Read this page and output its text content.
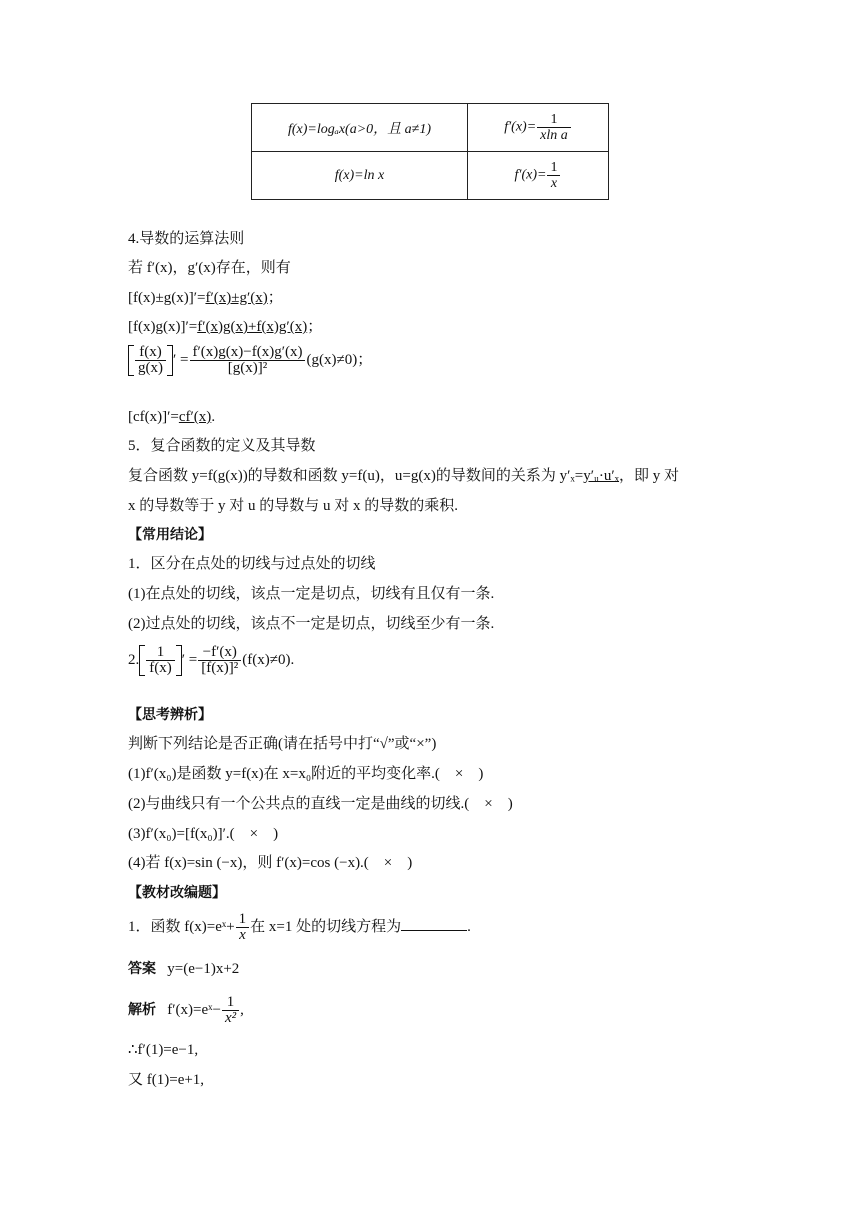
f(x)=logₐx(a>0，且 a≠1)	$f'(x)= \frac{1}{\text{xln a}}$

f(x)=ln x	$f'(x)= \frac{1}{x}$
4.导数的运算法则
若 f′(x)，g′(x)存在，则有
[f(x)±g(x)]′=f′(x)±g′(x)；
[f(x)g(x)]′=f′(x)g(x)+f(x)g′(x)；
$\frac{f(x)}{g(x)}$ ′ = $\frac{f'(x)g(x)-f(x)g'(x)}{\text{[g(x)]²}} (g(x)\ne 0)$；
[cf(x)]′=cf′(x).
5．复合函数的定义及其导数
复合函数 y=f(g(x))的导数和函数 y=f(u)，u=g(x)的导数间的关系为 y′ₓ=y′ᵤ·u′ₓ，即 y 对
x 的导数等于 y 对 u 的导数与 u 对 x 的导数的乘积.
【常用结论】
1．区分在点处的切线与过点处的切线
(1)在点处的切线，该点一定是切点，切线有且仅有一条.
(2)过点处的切线，该点不一定是切点，切线至少有一条.
2. $\frac{1}{f(x)}$ ′ = $\frac{-f'(x)}{\text{[f(x)]²}} (f(x)\ne 0)$.
【思考辨析】
判断下列结论是否正确(请在括号中打“√”或“×”)
(1)f′(x₀)是函数 y=f(x)在 x=x₀附近的平均变化率.(　×　)
(2)与曲线只有一个公共点的直线一定是曲线的切线.(　×　)
(3)f′(x₀)=[f(x₀)]′.(　×　)
(4)若 f(x)=sin (−x)，则 f′(x)=cos (−x).(　×　)
【教材改编题】
1．函数 f(x)=eˣ+ $\frac{1}{x}$ 在 x=1 处的切线方程为	.
答案 y=(e−1)x+2
解析 f′(x)=eˣ− $\frac{1}{\text{x²}}$ ,
∴f′(1)=e−1,
又 f(1)=e+1,
